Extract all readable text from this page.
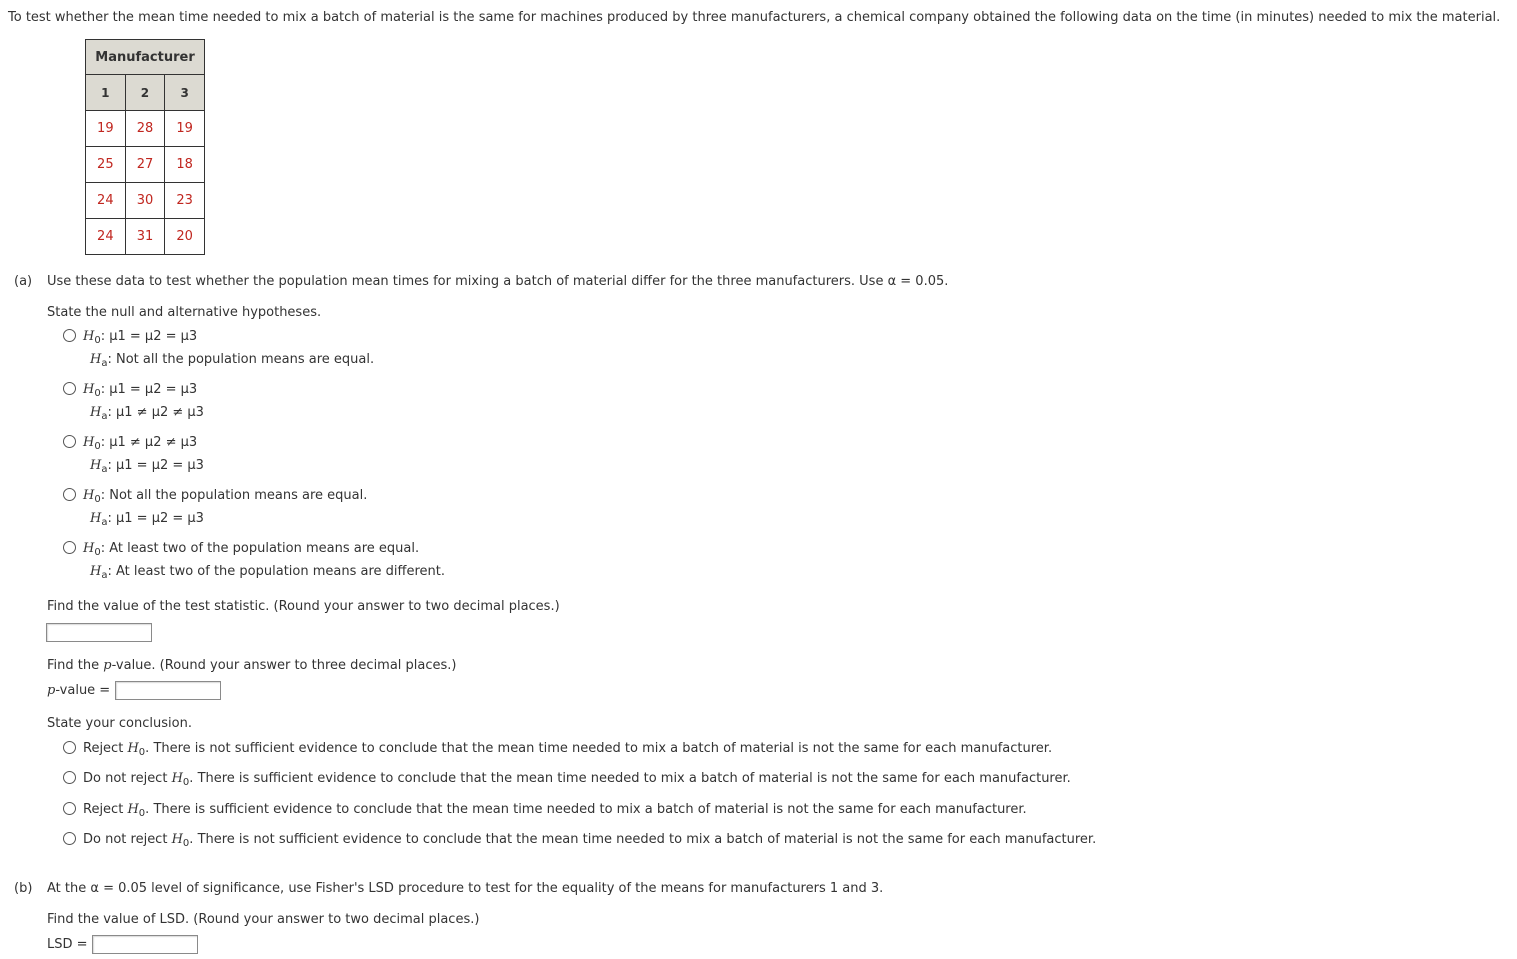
To test whether the mean time needed to mix a batch of material is the same for machines produced by three manufacturers, a chemical company obtained the following data on the time (in minutes) needed to mix the material.
Manufacturer		
1	2	3
19	28	19
25	27	18
24	30	23
24	31	20
(a) Use these data to test whether the population mean times for mixing a batch of material differ for the three manufacturers. Use α = 0.05.
State the null and alternative hypotheses.
$H_0$: μ1 = μ2 = μ3
$H_a$: Not all the population means are equal.
$H_0$: μ1 = μ2 = μ3
$H_a$: μ1 ≠ μ2 ≠ μ3
$H_0$: μ1 ≠ μ2 ≠ μ3
$H_a$: μ1 = μ2 = μ3
$H_0$: Not all the population means are equal.
$H_a$: μ1 = μ2 = μ3
$H_0$: At least two of the population means are equal.
$H_a$: At least two of the population means are different.
Find the value of the test statistic. (Round your answer to two decimal places.)
Find the p-value. (Round your answer to three decimal places.)
p-value =
State your conclusion.
Reject $H_0$. There is not sufficient evidence to conclude that the mean time needed to mix a batch of material is not the same for each manufacturer.
Do not reject $H_0$. There is sufficient evidence to conclude that the mean time needed to mix a batch of material is not the same for each manufacturer.
Reject $H_0$. There is sufficient evidence to conclude that the mean time needed to mix a batch of material is not the same for each manufacturer.
Do not reject $H_0$. There is not sufficient evidence to conclude that the mean time needed to mix a batch of material is not the same for each manufacturer.
(b) At the α = 0.05 level of significance, use Fisher's LSD procedure to test for the equality of the means for manufacturers 1 and 3.
Find the value of LSD. (Round your answer to two decimal places.)
LSD =
